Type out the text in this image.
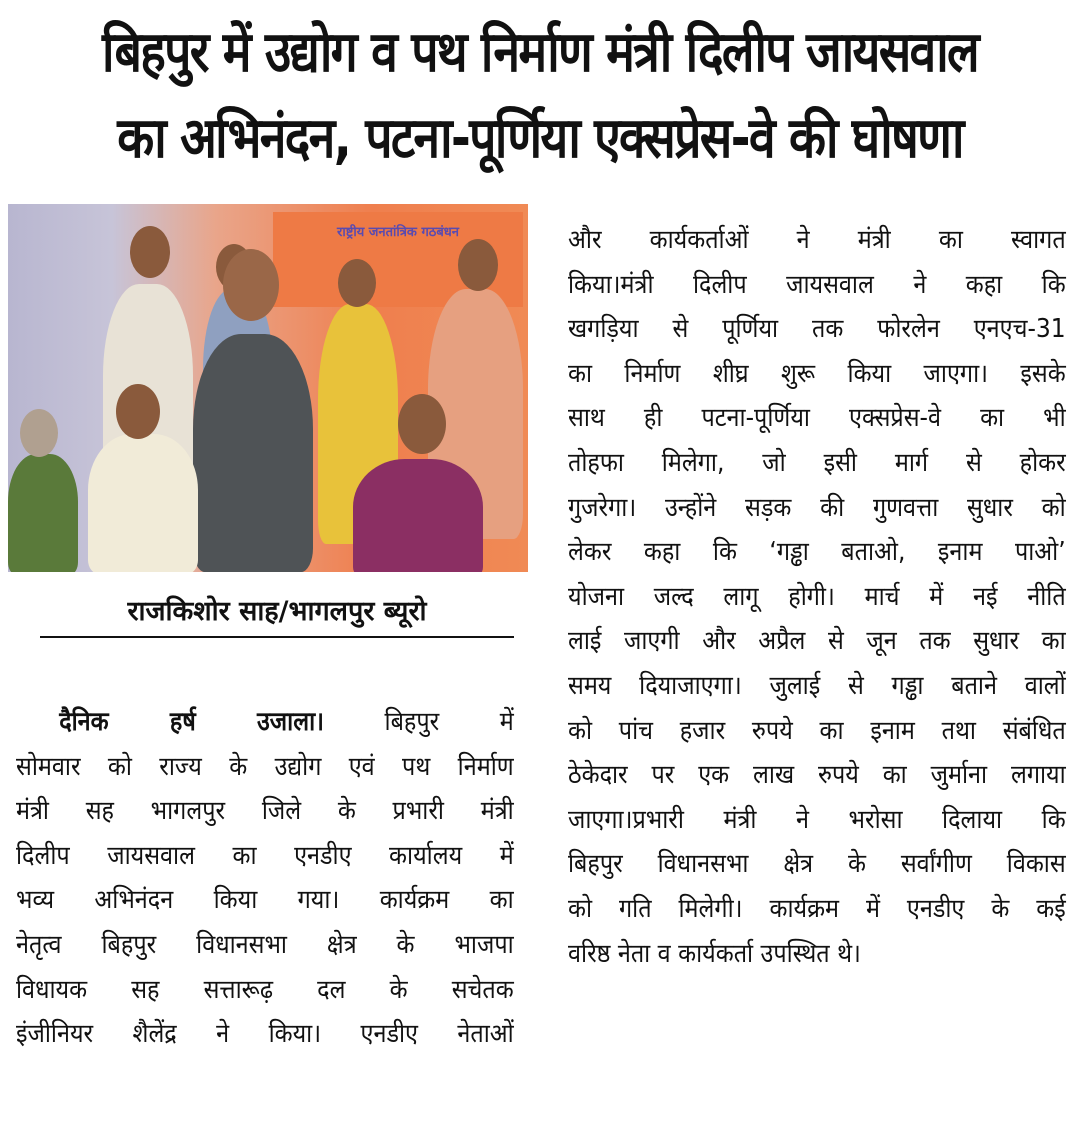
बिहपुर में उद्योग व पथ निर्माण मंत्री दिलीप जायसवाल
का अभिनंदन, पटना-पूर्णिया एक्सप्रेस-वे की घोषणा
राष्ट्रीय जनतांत्रिक गठबंधन
राजकिशोर साह/भागलपुर ब्यूरो
दैनिक हर्ष उजाला। बिहपुर में
सोमवार को राज्य के उद्योग एवं पथ निर्माण
मंत्री सह भागलपुर जिले के प्रभारी मंत्री
दिलीप जायसवाल का एनडीए कार्यालय में
भव्य अभिनंदन किया गया। कार्यक्रम का
नेतृत्व बिहपुर विधानसभा क्षेत्र के भाजपा
विधायक सह सत्तारूढ़ दल के सचेतक
इंजीनियर शैलेंद्र ने किया। एनडीए नेताओं
और कार्यकर्ताओं ने मंत्री का स्वागत
किया।मंत्री दिलीप जायसवाल ने कहा कि
खगड़िया से पूर्णिया तक फोरलेन एनएच-31
का निर्माण शीघ्र शुरू किया जाएगा। इसके
साथ ही पटना-पूर्णिया एक्सप्रेस-वे का भी
तोहफा मिलेगा, जो इसी मार्ग से होकर
गुजरेगा। उन्होंने सड़क की गुणवत्ता सुधार को
लेकर कहा कि ‘गड्ढा बताओ, इनाम पाओ’
योजना जल्द लागू होगी। मार्च में नई नीति
लाई जाएगी और अप्रैल से जून तक सुधार का
समय दियाजाएगा। जुलाई से गड्ढा बताने वालों
को पांच हजार रुपये का इनाम तथा संबंधित
ठेकेदार पर एक लाख रुपये का जुर्माना लगाया
जाएगा।प्रभारी मंत्री ने भरोसा दिलाया कि
बिहपुर विधानसभा क्षेत्र के सर्वांगीण विकास
को गति मिलेगी। कार्यक्रम में एनडीए के कई
वरिष्ठ नेता व कार्यकर्ता उपस्थित थे।
